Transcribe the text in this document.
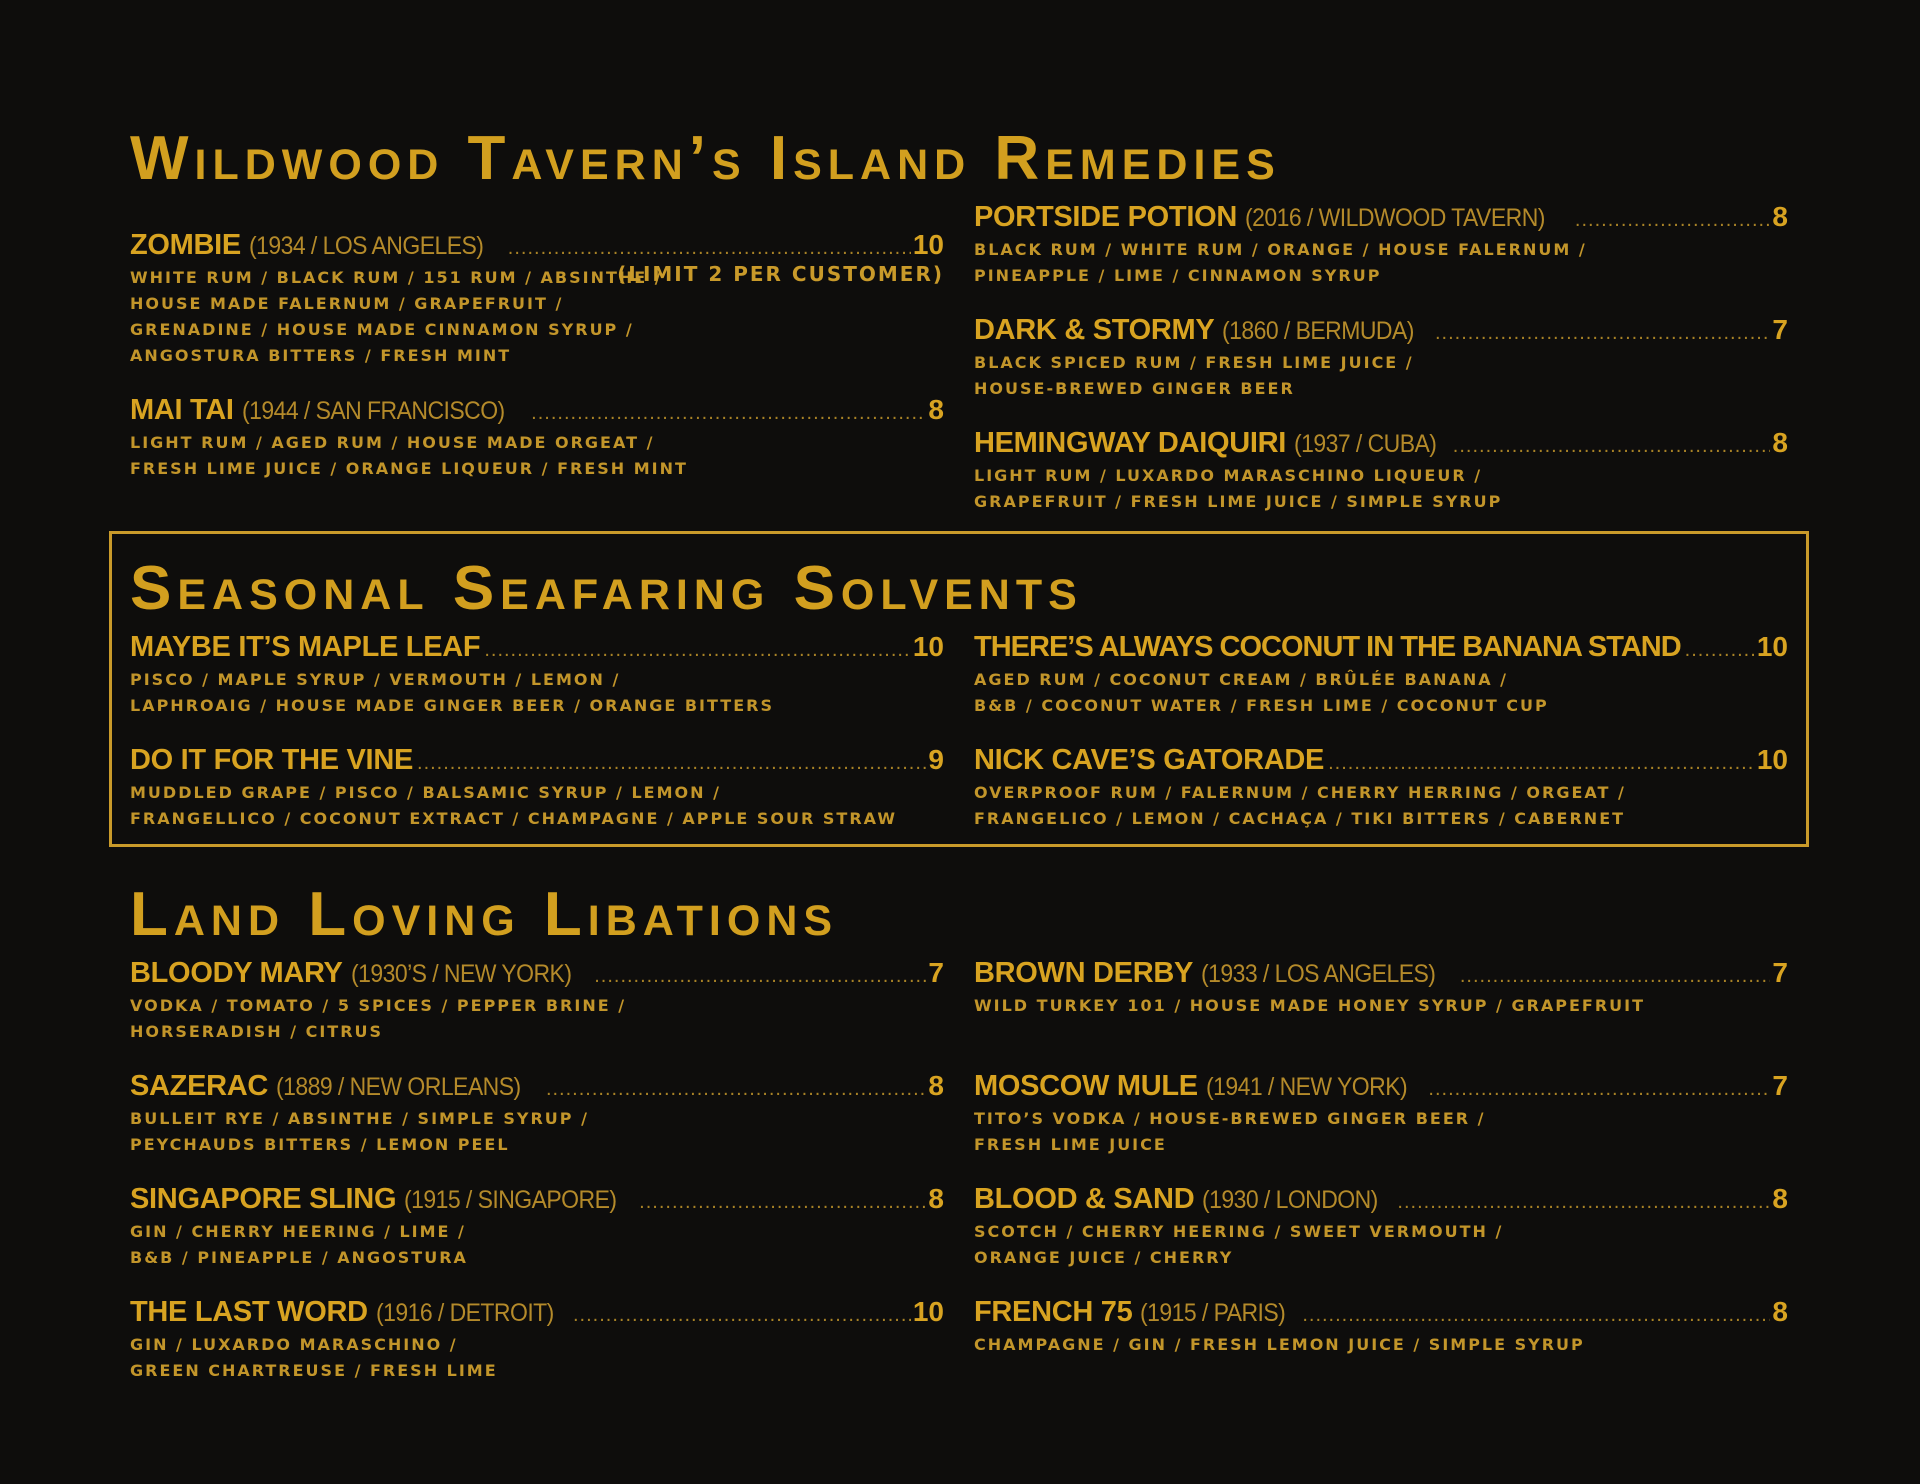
Wildwood Tavern’s Island Remedies
ZOMBIE (1934 / LOS ANGELES) .....	10
(LIMIT 2 PER CUSTOMER)
WHITE RUM / BLACK RUM / 151 RUM / ABSINTHE /
HOUSE MADE FALERNUM / GRAPEFRUIT /
GRENADINE / HOUSE MADE CINNAMON SYRUP /
ANGOSTURA BITTERS / FRESH MINT
MAI TAI (1944 / SAN FRANCISCO) .....	8
LIGHT RUM / AGED RUM / HOUSE MADE ORGEAT /
FRESH LIME JUICE / ORANGE LIQUEUR / FRESH MINT
PORTSIDE POTION (2016 / WILDWOOD TAVERN) .....	8
BLACK RUM / WHITE RUM / ORANGE / HOUSE FALERNUM /
PINEAPPLE / LIME / CINNAMON SYRUP
DARK & STORMY (1860 / BERMUDA) .....	7
BLACK SPICED RUM / FRESH LIME JUICE /
HOUSE-BREWED GINGER BEER
HEMINGWAY DAIQUIRI (1937 / CUBA) .....	8
LIGHT RUM / LUXARDO MARASCHINO LIQUEUR /
GRAPEFRUIT / FRESH LIME JUICE / SIMPLE SYRUP
Seasonal Seafaring Solvents
MAYBE IT’S MAPLE LEAF .....	10
PISCO / MAPLE SYRUP / VERMOUTH / LEMON /
LAPHROAIG / HOUSE MADE GINGER BEER / ORANGE BITTERS
DO IT FOR THE VINE .....	9
MUDDLED GRAPE / PISCO / BALSAMIC SYRUP / LEMON /
FRANGELLICO / COCONUT EXTRACT / CHAMPAGNE / APPLE SOUR STRAW
THERE’S ALWAYS COCONUT IN THE BANANA STAND .....	10
AGED RUM / COCONUT CREAM / BRÛLÉE BANANA /
B&B / COCONUT WATER / FRESH LIME / COCONUT CUP
NICK CAVE’S GATORADE .....	10
OVERPROOF RUM / FALERNUM / CHERRY HERRING / ORGEAT /
FRANGELICO / LEMON / CACHAÇA / TIKI BITTERS / CABERNET
Land Loving Libations
BLOODY MARY (1930’S / NEW YORK) .....	7
VODKA / TOMATO / 5 SPICES / PEPPER BRINE /
HORSERADISH / CITRUS
SAZERAC (1889 / NEW ORLEANS) .....	8
BULLEIT RYE / ABSINTHE / SIMPLE SYRUP /
PEYCHAUDS BITTERS / LEMON PEEL
SINGAPORE SLING (1915 / SINGAPORE) .....	8
GIN / CHERRY HEERING / LIME /
B&B / PINEAPPLE / ANGOSTURA
THE LAST WORD (1916 / DETROIT) .....	10
GIN / LUXARDO MARASCHINO /
GREEN CHARTREUSE / FRESH LIME
BROWN DERBY (1933 / LOS ANGELES) .....	7
WILD TURKEY 101 / HOUSE MADE HONEY SYRUP / GRAPEFRUIT

MOSCOW MULE (1941 / NEW YORK) .....	7
TITO’S VODKA / HOUSE-BREWED GINGER BEER /
FRESH LIME JUICE
BLOOD & SAND (1930 / LONDON) .....	8
SCOTCH / CHERRY HEERING / SWEET VERMOUTH /
ORANGE JUICE / CHERRY
FRENCH 75 (1915 / PARIS) .....	8
CHAMPAGNE / GIN / FRESH LEMON JUICE / SIMPLE SYRUP
